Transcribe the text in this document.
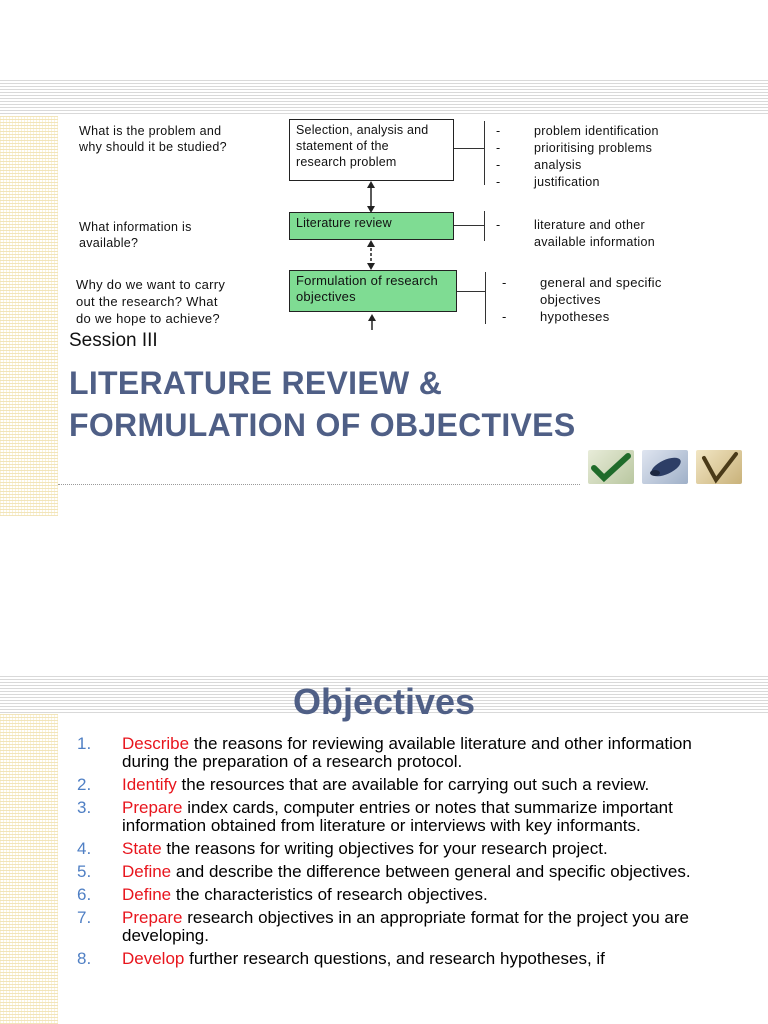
What is the problem and
why should it be studied?
Selection, analysis and
statement of the
research problem
-	problem identification
-	prioritising problems
-	analysis
-	justification
What information is
available?
Literature review	-	literature and other
available information
Why do we want to carry
out the research? What
do we hope to achieve?
Formulation of research
objectives
-	general and specific
objectives
-	hypotheses
Session III
LITERATURE REVIEW &
FORMULATION OF OBJECTIVES
Objectives
1.	Describe the reasons for reviewing available literature and other information during the preparation of a research protocol.
2.	Identify the resources that are available for carrying out such a review.
3.	Prepare index cards, computer entries or notes that summarize important information obtained from literature or interviews with key informants.
4.	State the reasons for writing objectives for your research project.
5.	Define and describe the difference between general and specific objectives.
6.	Define the characteristics of research objectives.
7.	Prepare research objectives in an appropriate format for the project you are developing.
8.	Develop further research questions, and research hypotheses, if
